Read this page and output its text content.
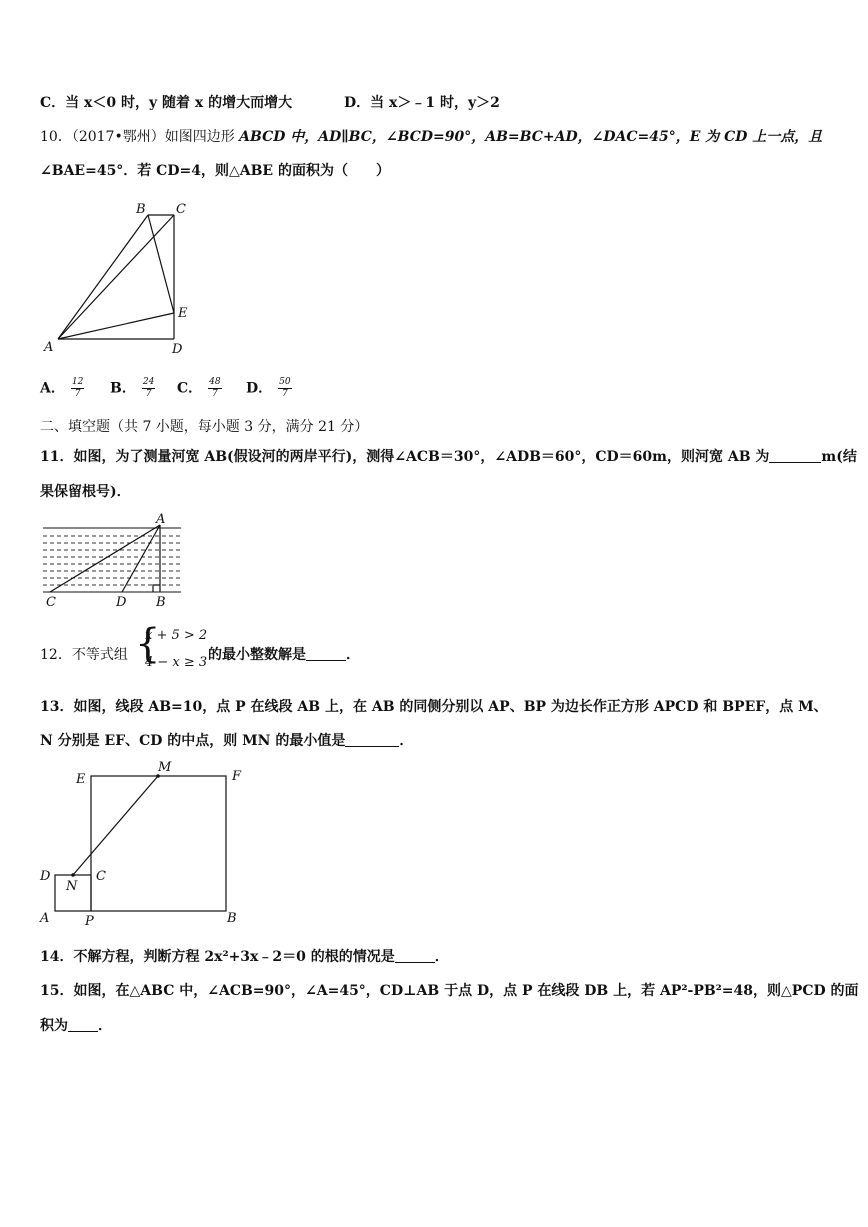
C．当 x＜0 时，y 随着 x 的增大而增大	D．当 x＞﹣1 时，y＞2
10．（2017•鄂州）如图四边形 ABCD 中，AD∥BC，∠BCD=90°，AB=BC+AD，∠DAC=45°，E 为 CD 上一点，且
∠BAE=45°．若 CD=4，则△ABE 的面积为（　　）
A
B C
D
E
A． $\frac{12}{7}$ B． $\frac{24}{7}$ C． $\frac{48}{7}$ D． $\frac{50}{7}$
二、填空题（共 7 小题，每小题 3 分，满分 21 分）
11．如图，为了测量河宽 AB(假设河的两岸平行)，测得∠ACB＝30°，∠ADB＝60°，CD＝60m，则河宽 AB 为	m(结
果保留根号)．
A
B
C	D
12．不等式组 {
x + 5 > 2
4 − x ≥ 3 的最小整数解是	．
13．如图，线段 AB=10，点 P 在线段 AB 上，在 AB 的同侧分别以 AP、BP 为边长作正方形 APCD 和 BPEF，点 M、
N 分别是 EF、CD 的中点，则 MN 的最小值是	．
E	F
M
D	C
N
A	P	B
14．不解方程，判断方程 2x²+3x﹣2＝0 的根的情况是	．
15．如图，在△ABC 中，∠ACB=90°，∠A=45°，CD⊥AB 于点 D，点 P 在线段 DB 上，若 AP²-PB²=48，则△PCD 的面
积为 ．
